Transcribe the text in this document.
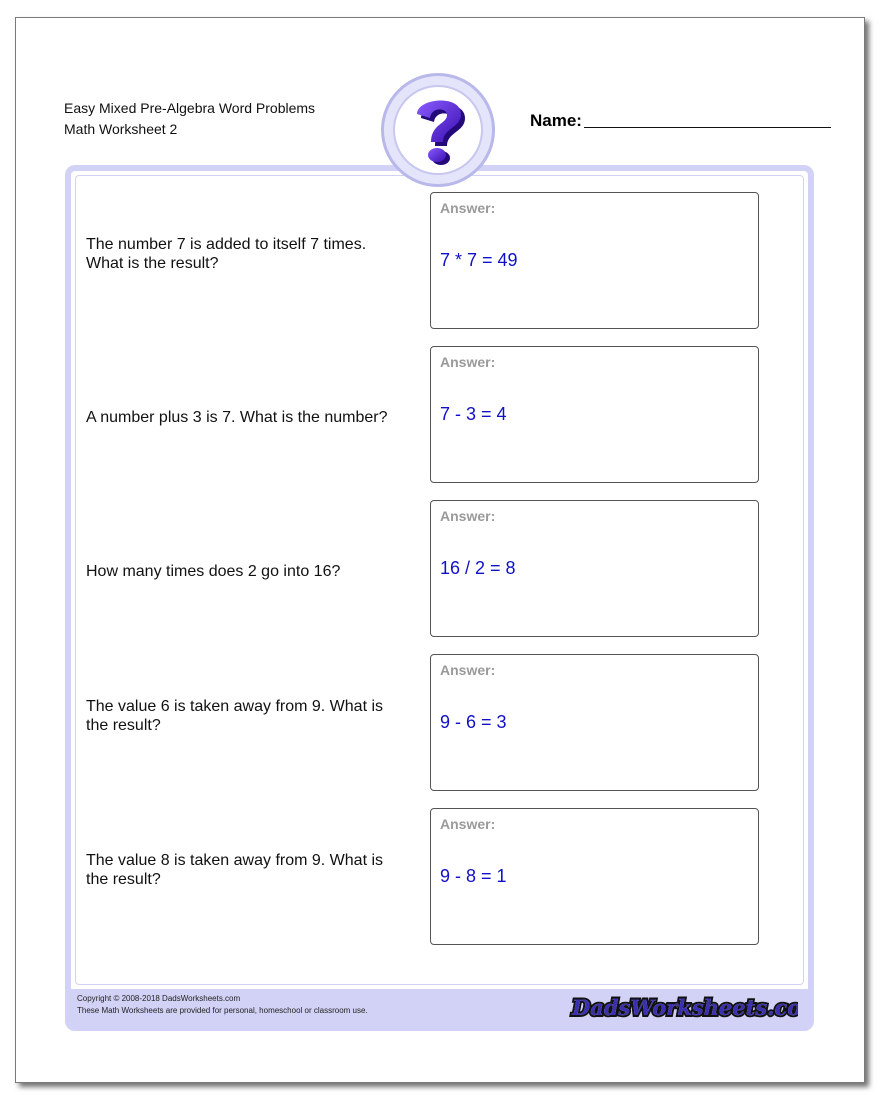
Easy Mixed Pre-Algebra Word Problems
Math Worksheet 2	Name:
Copyright © 2008-2018 DadsWorksheets.com
These Math Worksheets are provided for personal, homeschool or classroom use.	DadsWorksheets.c
DadsWorksheets.c
The number 7 is added to itself 7 times.
What is the result?
Answer:
7 * 7 = 49
A number plus 3 is 7. What is the number?
Answer:
7 - 3 = 4
How many times does 2 go into 16?
Answer:
16 / 2 = 8
The value 6 is taken away from 9. What is
the result?
Answer:
9 - 6 = 3
The value 8 is taken away from 9. What is
the result?
Answer:
9 - 8 = 1
